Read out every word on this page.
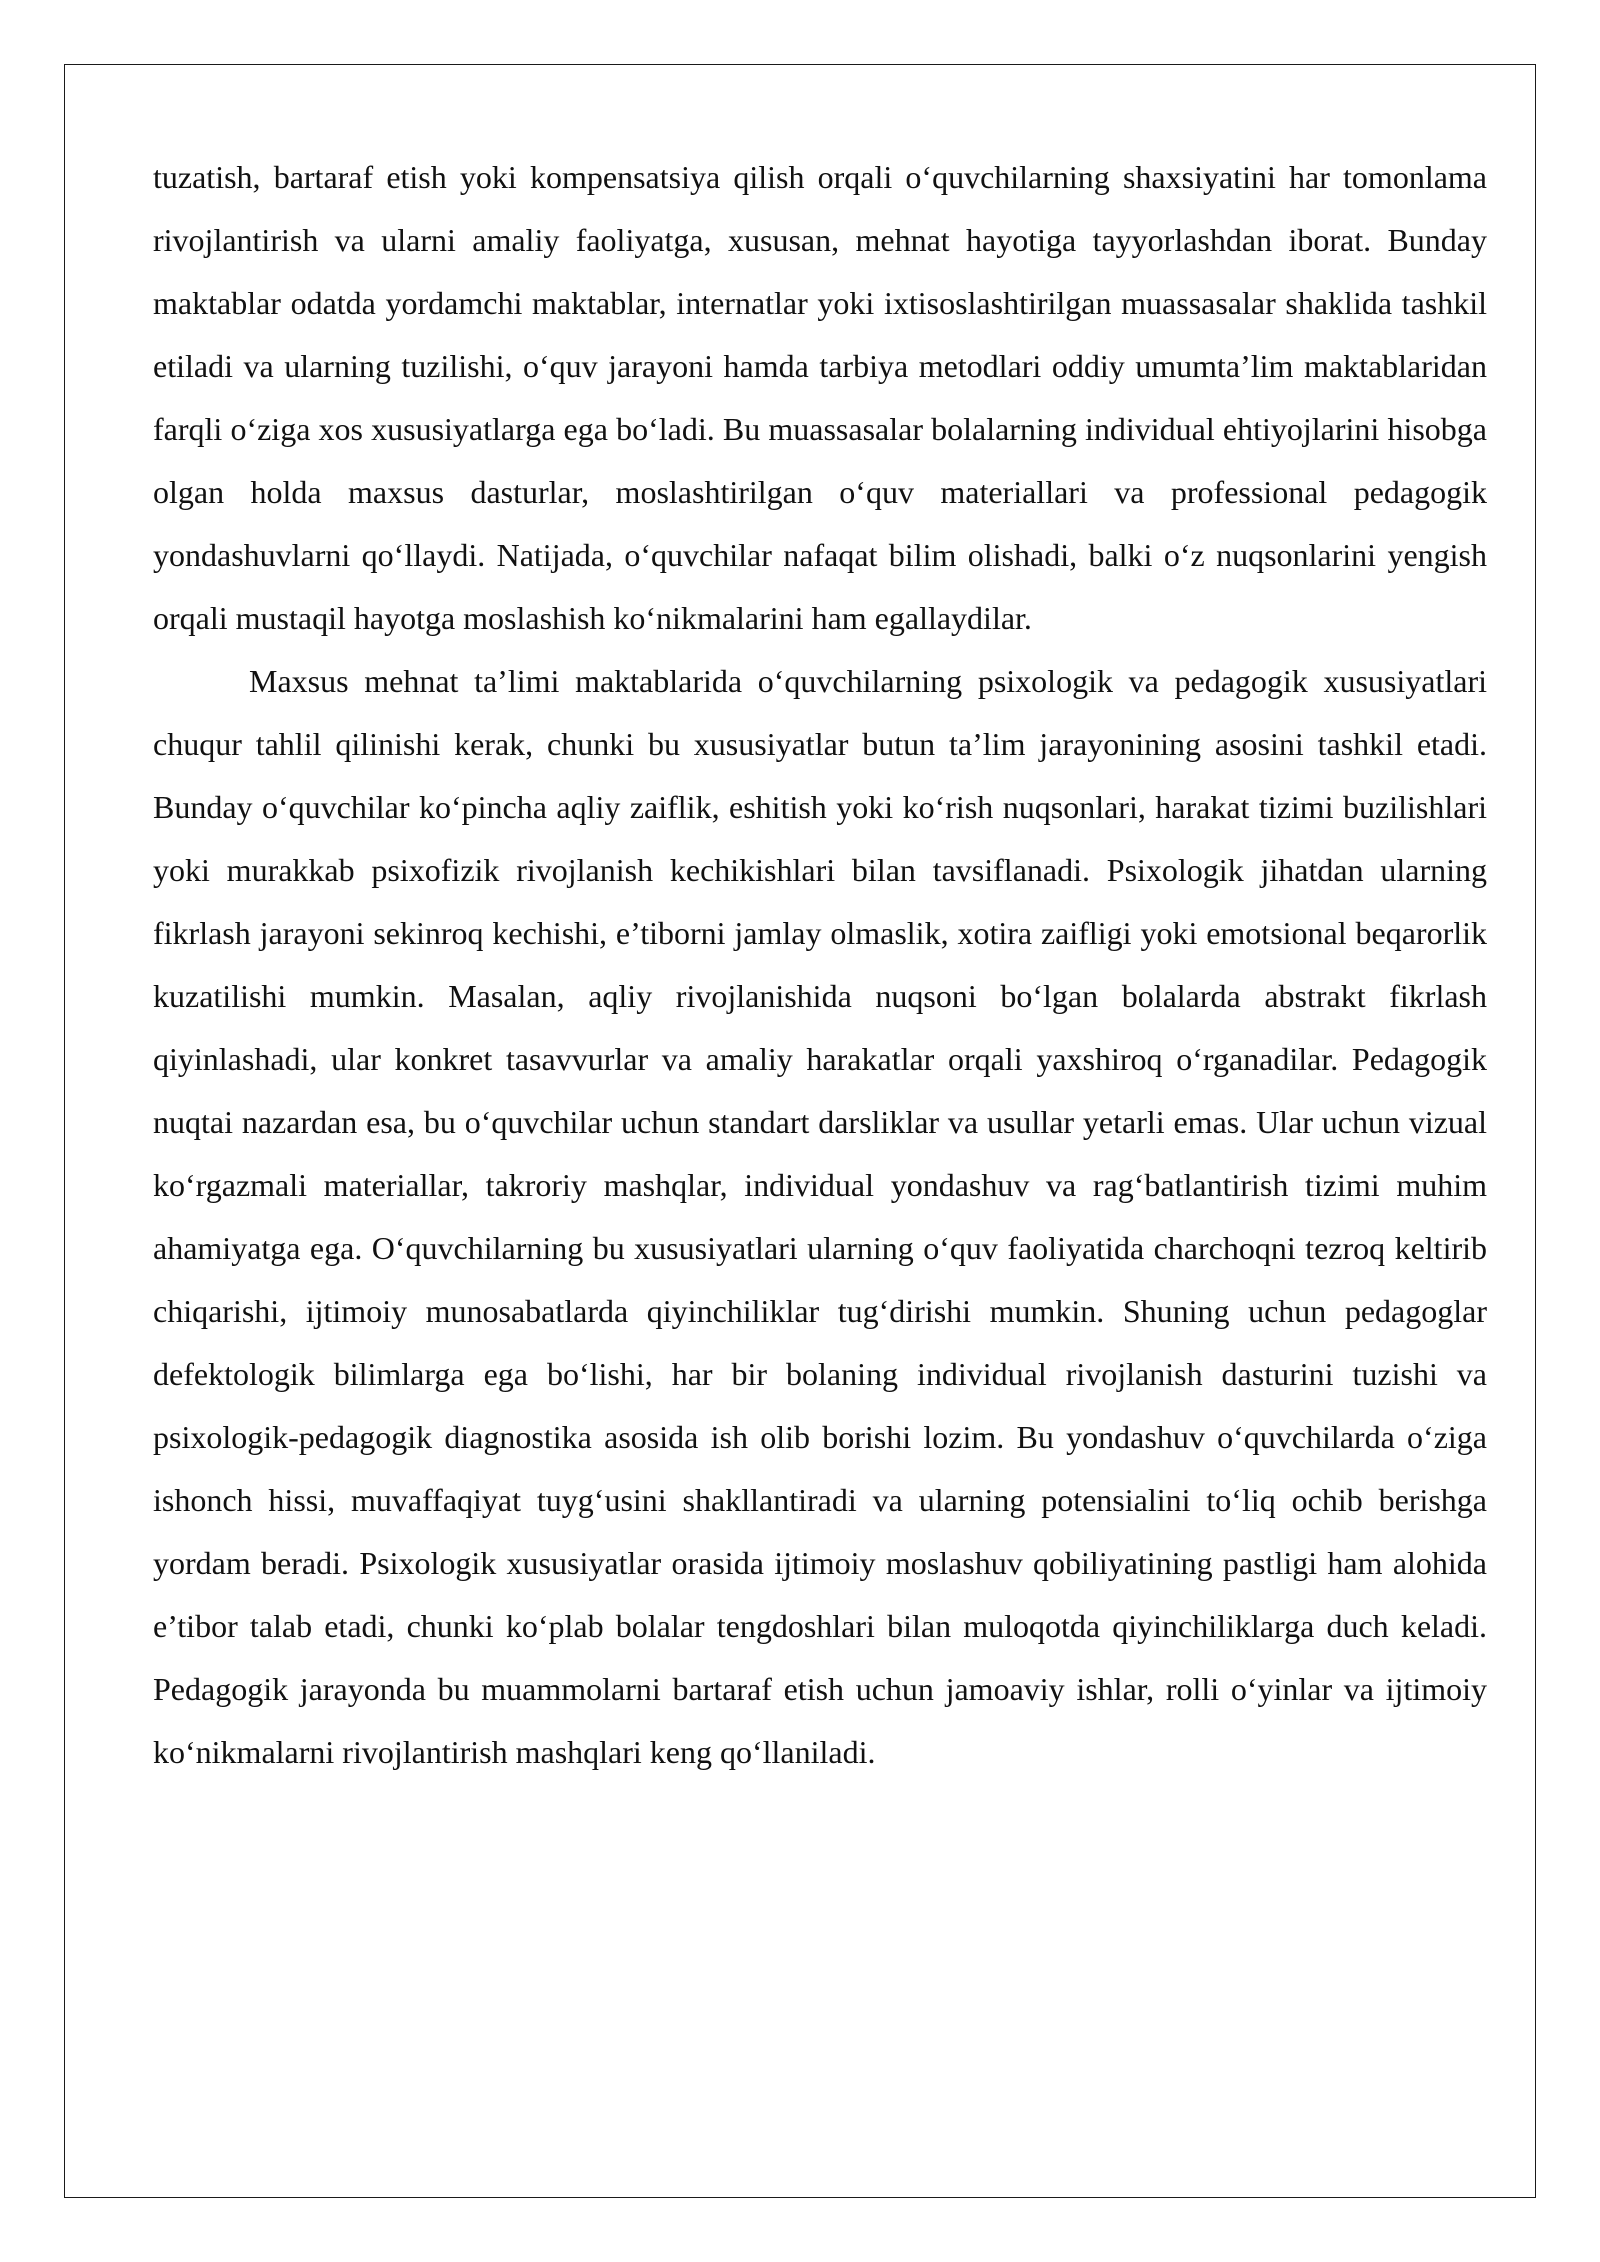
tuzatish, bartaraf etish yoki kompensatsiya qilish orqali o‘quvchilarning shaxsiyatini har tomonlama rivojlantirish va ularni amaliy faoliyatga, xususan, mehnat hayotiga tayyorlashdan iborat. Bunday maktablar odatda yordamchi maktablar, internatlar yoki ixtisoslashtirilgan muassasalar shaklida tashkil etiladi va ularning tuzilishi, o‘quv jarayoni hamda tarbiya metodlari oddiy umumta’lim maktablaridan farqli o‘ziga xos xususiyatlarga ega bo‘ladi. Bu muassasalar bolalarning individual ehtiyojlarini hisobga olgan holda maxsus dasturlar, moslashtirilgan o‘quv materiallari va professional pedagogik yondashuvlarni qo‘llaydi. Natijada, o‘quvchilar nafaqat bilim olishadi, balki o‘z nuqsonlarini yengish orqali mustaqil hayotga moslashish ko‘nikmalarini ham egallaydilar.

Maxsus mehnat ta’limi maktablarida o‘quvchilarning psixologik va pedagogik xususiyatlari chuqur tahlil qilinishi kerak, chunki bu xususiyatlar butun ta’lim jarayonining asosini tashkil etadi. Bunday o‘quvchilar ko‘pincha aqliy zaiflik, eshitish yoki ko‘rish nuqsonlari, harakat tizimi buzilishlari yoki murakkab psixofizik rivojlanish kechikishlari bilan tavsiflanadi. Psixologik jihatdan ularning fikrlash jarayoni sekinroq kechishi, e’tiborni jamlay olmaslik, xotira zaifligi yoki emotsional beqarorlik kuzatilishi mumkin. Masalan, aqliy rivojlanishida nuqsoni bo‘lgan bolalarda abstrakt fikrlash qiyinlashadi, ular konkret tasavvurlar va amaliy harakatlar orqali yaxshiroq o‘rganadilar. Pedagogik nuqtai nazardan esa, bu o‘quvchilar uchun standart darsliklar va usullar yetarli emas. Ular uchun vizual ko‘rgazmali materiallar, takroriy mashqlar, individual yondashuv va rag‘batlantirish tizimi muhim ahamiyatga ega. O‘quvchilarning bu xususiyatlari ularning o‘quv faoliyatida charchoqni tezroq keltirib chiqarishi, ijtimoiy munosabatlarda qiyinchiliklar tug‘dirishi mumkin. Shuning uchun pedagoglar defektologik bilimlarga ega bo‘lishi, har bir bolaning individual rivojlanish dasturini tuzishi va psixologik-pedagogik diagnostika asosida ish olib borishi lozim. Bu yondashuv o‘quvchilarda o‘ziga ishonch hissi, muvaffaqiyat tuyg‘usini shakllantiradi va ularning potensialini to‘liq ochib berishga yordam beradi. Psixologik xususiyatlar orasida ijtimoiy moslashuv qobiliyatining pastligi ham alohida e’tibor talab etadi, chunki ko‘plab bolalar tengdoshlari bilan muloqotda qiyinchiliklarga duch keladi. Pedagogik jarayonda bu muammolarni bartaraf etish uchun jamoaviy ishlar, rolli o‘yinlar va ijtimoiy ko‘nikmalarni rivojlantirish mashqlari keng qo‘llaniladi.
